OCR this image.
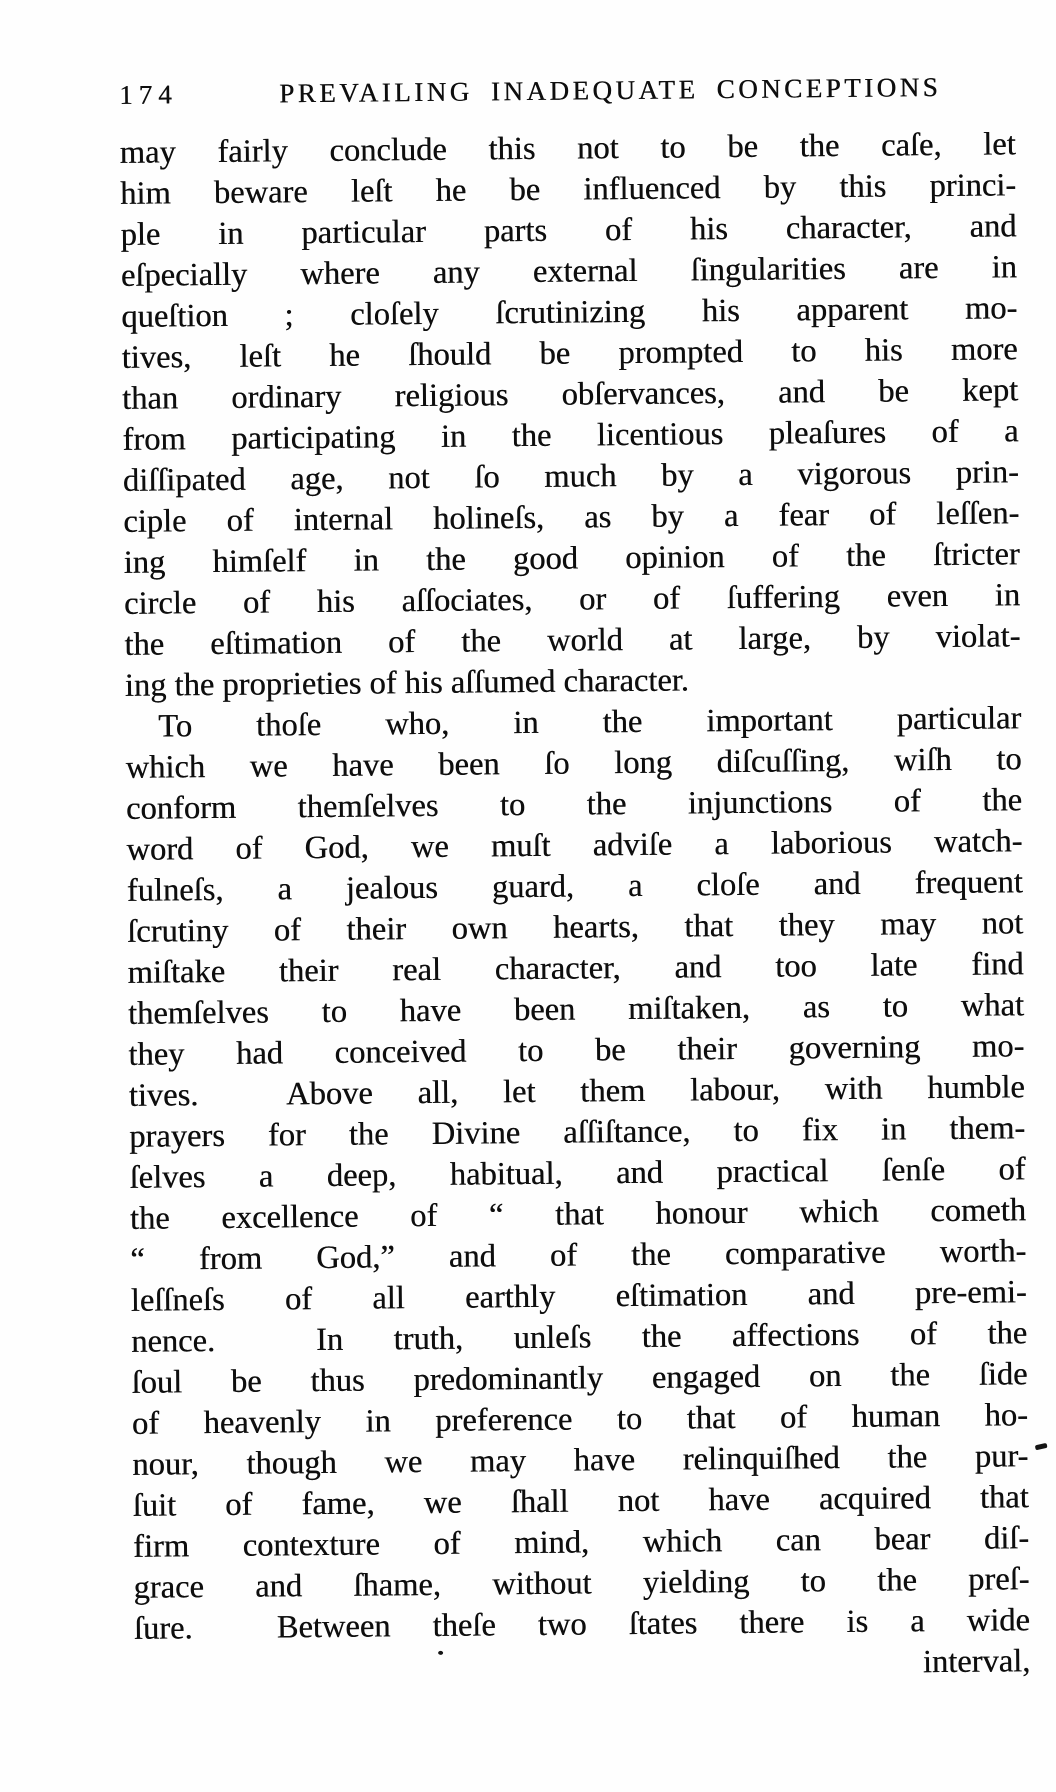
174	PREVAILING INADEQUATE CONCEPTIONS
may fairly conclude this not to be the caſe, let
him beware leſt he be influenced by this princi-
ple in particular parts of his character, and
eſpecially where any external ſingularities are in
queſtion ; cloſely ſcrutinizing his apparent mo-
tives, leſt he ſhould be prompted to his more
than ordinary religious obſervances, and be kept
from participating in the licentious pleaſures of a
diſſipated age, not ſo much by a vigorous prin-
ciple of internal holineſs, as by a fear of leſſen-
ing himſelf in the good opinion of the ſtricter
circle of his aſſociates, or of ſuffering even in
the eſtimation of the world at large, by violat-
ing the proprieties of his aſſumed character.
To thoſe who, in the important particular
which we have been ſo long diſcuſſing, wiſh to
conform themſelves to the injunctions of the
word of God, we muſt adviſe a laborious watch-
fulneſs, a jealous guard, a cloſe and frequent
ſcrutiny of their own hearts, that they may not
miſtake their real character, and too late find
themſelves to have been miſtaken, as to what
they had conceived to be their governing mo-
tives.  Above all, let them labour, with humble
prayers for the Divine aſſiſtance, to fix in them-
ſelves a deep, habitual, and practical ſenſe of
the excellence of “ that honour which cometh
“ from God,” and of the comparative worth-
leſſneſs of all earthly eſtimation and pre-emi-
nence.  In truth, unleſs the affections of the
ſoul be thus predominantly engaged on the ſide
of heavenly in preference to that of human ho-
nour, though we may have relinquiſhed the pur-
ſuit of fame, we ſhall not have acquired that
firm contexture of mind, which can bear diſ-
grace and ſhame, without yielding to the preſ-
ſure.  Between theſe two ſtates there is a wide
interval,
